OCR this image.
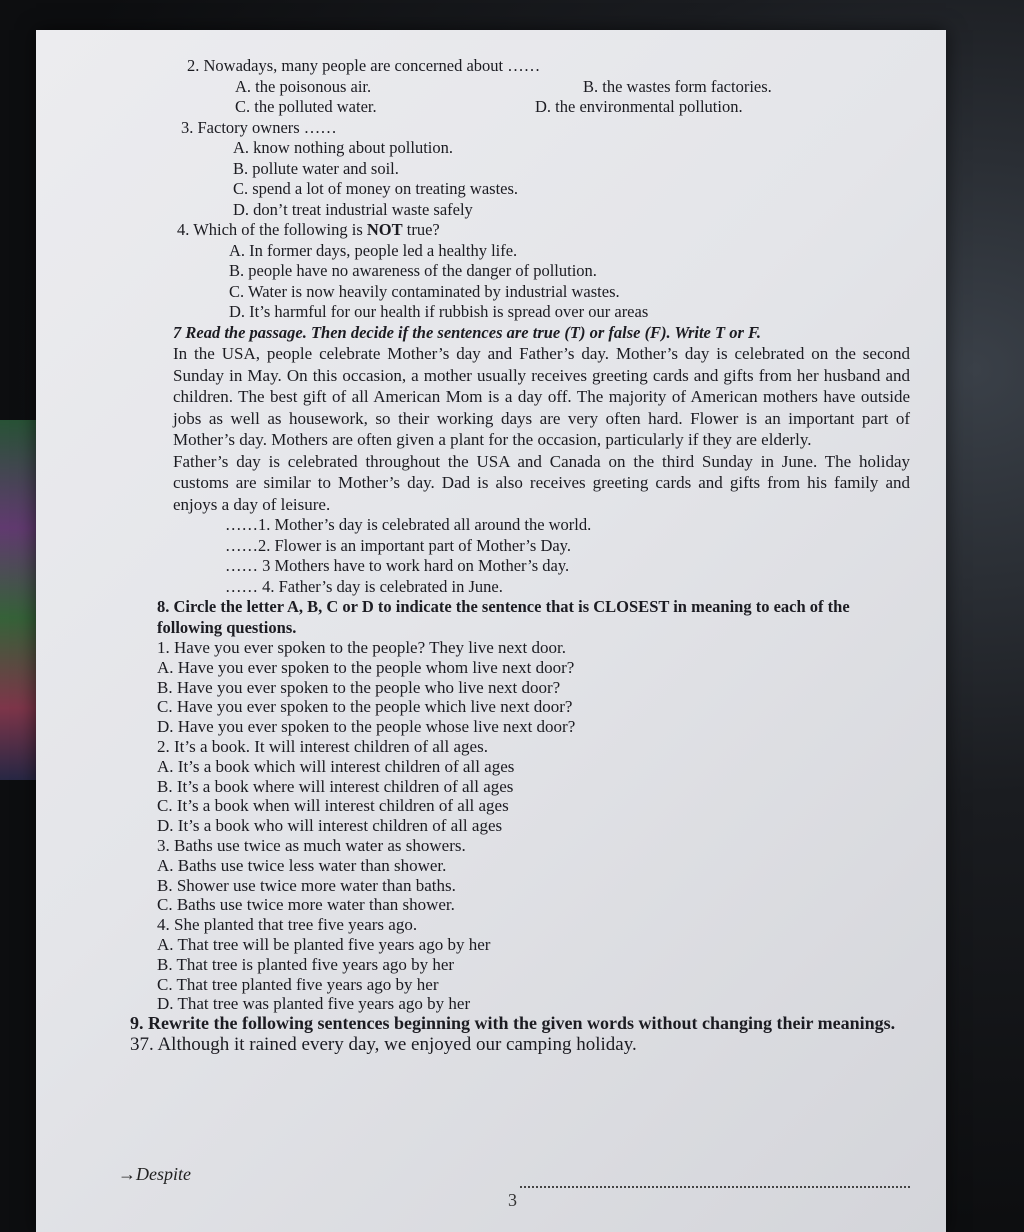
2. Nowadays, many people are concerned about ……

A. the poisonous air.	B. the wastes form factories.
C. the polluted water.	D. the environmental pollution.

3. Factory owners ……

A. know nothing about pollution.
B. pollute water and soil.
C. spend a lot of money on treating wastes.
D. don’t treat industrial waste safely

4. Which of the following is NOT true?

A. In former days, people led a healthy life.
B. people have no awareness of the danger of pollution.
C. Water is now heavily contaminated by industrial wastes.
D. It’s harmful for our health if rubbish is spread over our areas

7 Read the passage. Then decide if the sentences are true (T) or false (F). Write T or F.

In the USA, people celebrate Mother’s day and Father’s day. Mother’s day is celebrated on the second Sunday in May. On this occasion, a mother usually receives greeting cards and gifts from her husband and children. The best gift of all American Mom is a day off. The majority of American mothers have outside jobs as well as housework, so their working days are very often hard. Flower is an important part of Mother’s day. Mothers are often given a plant for the occasion, particularly if they are elderly.

Father’s day is celebrated throughout the USA and Canada on the third Sunday in June. The holiday customs are similar to Mother’s day. Dad is also receives greeting cards and gifts from his family and enjoys a day of leisure.

……1. Mother’s day is celebrated all around the world.
……2. Flower is an important part of Mother’s Day.
…… 3 Mothers have to work hard on Mother’s day.
…… 4. Father’s day is celebrated in June.

8. Circle the letter A, B, C or D to indicate the sentence that is CLOSEST in meaning to each of the following questions.

1. Have you ever spoken to the people? They live next door.
A. Have you ever spoken to the people whom live next door?
B. Have you ever spoken to the people who live next door?
C. Have you ever spoken to the people which live next door?
D. Have you ever spoken to the people whose live next door?
2. It’s a book. It will interest children of all ages.
A. It’s a book which will interest children of all ages
B. It’s a book where will interest children of all ages
C. It’s a book when will interest children of all ages
D. It’s a book who will interest children of all ages
3. Baths use twice as much water as showers.
A. Baths use twice less water than shower.
B. Shower use twice more water than baths.
C. Baths use twice more water than shower.
4. She planted that tree five years ago.
A. That tree will be planted five years ago by her
B. That tree is planted five years ago by her
C. That tree planted five years ago by her
D. That tree was planted five years ago by her

9. Rewrite the following sentences beginning with the given words without changing their meanings.

37. Although it rained every day, we enjoyed our camping holiday.

→Despite
3
